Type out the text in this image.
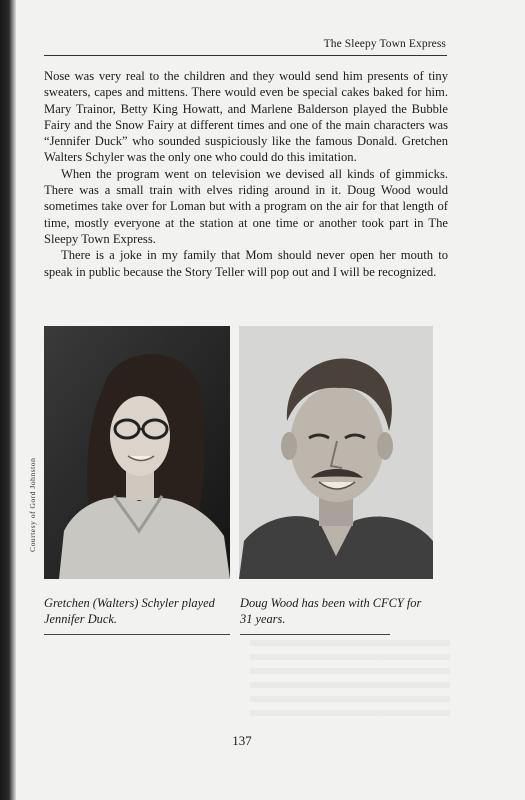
The Sleepy Town Express

Nose was very real to the children and they would send him presents of tiny sweaters, capes and mittens. There would even be special cakes baked for him. Mary Trainor, Betty King Howatt, and Marlene Balderson played the Bubble Fairy and the Snow Fairy at different times and one of the main characters was “Jennifer Duck” who sounded suspiciously like the famous Donald. Gretchen Walters Schyler was the only one who could do this imitation.

When the program went on television we devised all kinds of gimmicks. There was a small train with elves riding around in it. Doug Wood would sometimes take over for Loman but with a program on the air for that length of time, mostly everyone at the station at one time or another took part in The Sleepy Town Express.

There is a joke in my family that Mom should never open her mouth to speak in public because the Story Teller will pop out and I will be recognized.

Courtesy of Gord Johnston
Gretchen (Walters) Schyler played Jennifer Duck.
Doug Wood has been with CFCY for 31 years.
137
